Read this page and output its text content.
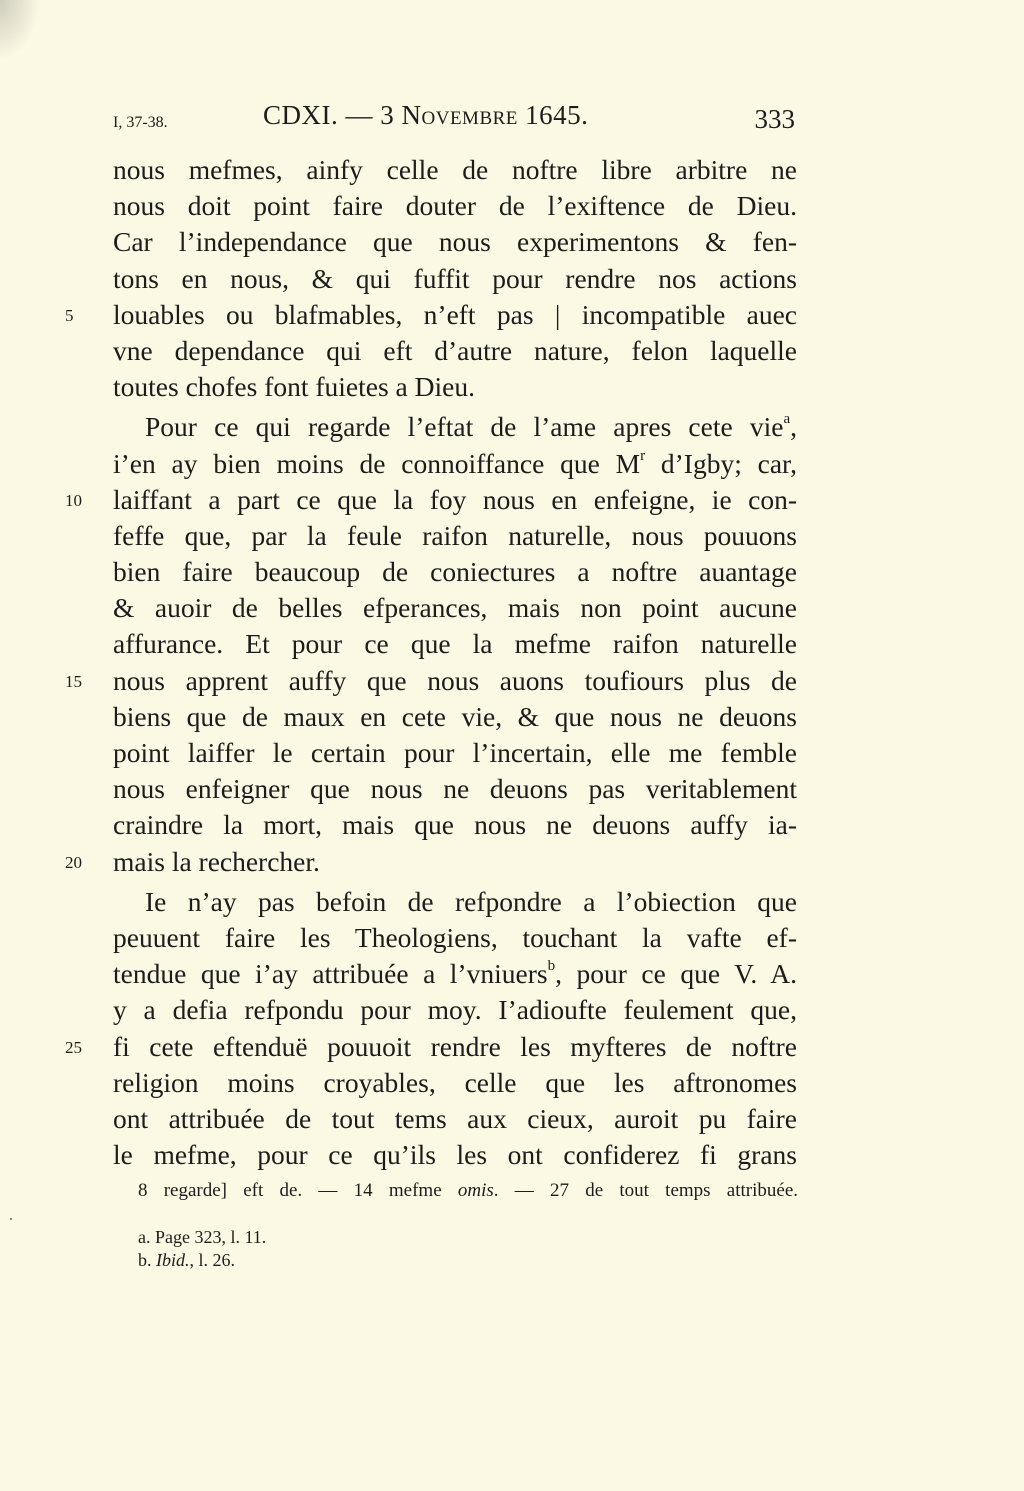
I, 37-38.	CDXI. — 3 Novembre 1645.	333
nous mefmes, ainfy celle de noftre libre arbitre ne
nous doit point faire douter de l’exiftence de Dieu.
Car l’independance que nous experimentons & fen-
tons en nous, & qui fuffit pour rendre nos actions
5	louables ou blafmables, n’eft pas | incompatible auec
vne dependance qui eft d’autre nature, felon laquelle
toutes chofes font fuietes a Dieu.
Pour ce qui regarde l’eftat de l’ame apres cete vie$^a$,
i’en ay bien moins de connoiffance que $M^r$ d’Igby; car,
10	laiffant a part ce que la foy nous en enfeigne, ie con-
feffe que, par la feule raifon naturelle, nous pouuons
bien faire beaucoup de coniectures a noftre auantage
& auoir de belles efperances, mais non point aucune
affurance. Et pour ce que la mefme raifon naturelle
15	nous apprent auffy que nous auons toufiours plus de
biens que de maux en cete vie, & que nous ne deuons
point laiffer le certain pour l’incertain, elle me femble
nous enfeigner que nous ne deuons pas veritablement
craindre la mort, mais que nous ne deuons auffy ia-
20	mais la rechercher.
Ie n’ay pas befoin de refpondre a l’obiection que
peuuent faire les Theologiens, touchant la vafte ef-
tendue que i’ay attribuée a l’vniuers$^b$, pour ce que V. A.
y a defia refpondu pour moy. I’adioufte feulement que,
25	fi cete eftenduë pouuoit rendre les myfteres de noftre
religion moins croyables, celle que les aftronomes
ont attribuée de tout tems aux cieux, auroit pu faire
le mefme, pour ce qu’ils les ont confiderez fi grans
8 regarde] eft de. — 14 mefme omis. — 27 de tout temps attribuée.
a. Page 323, l. 11.
b. Ibid., l. 26.
